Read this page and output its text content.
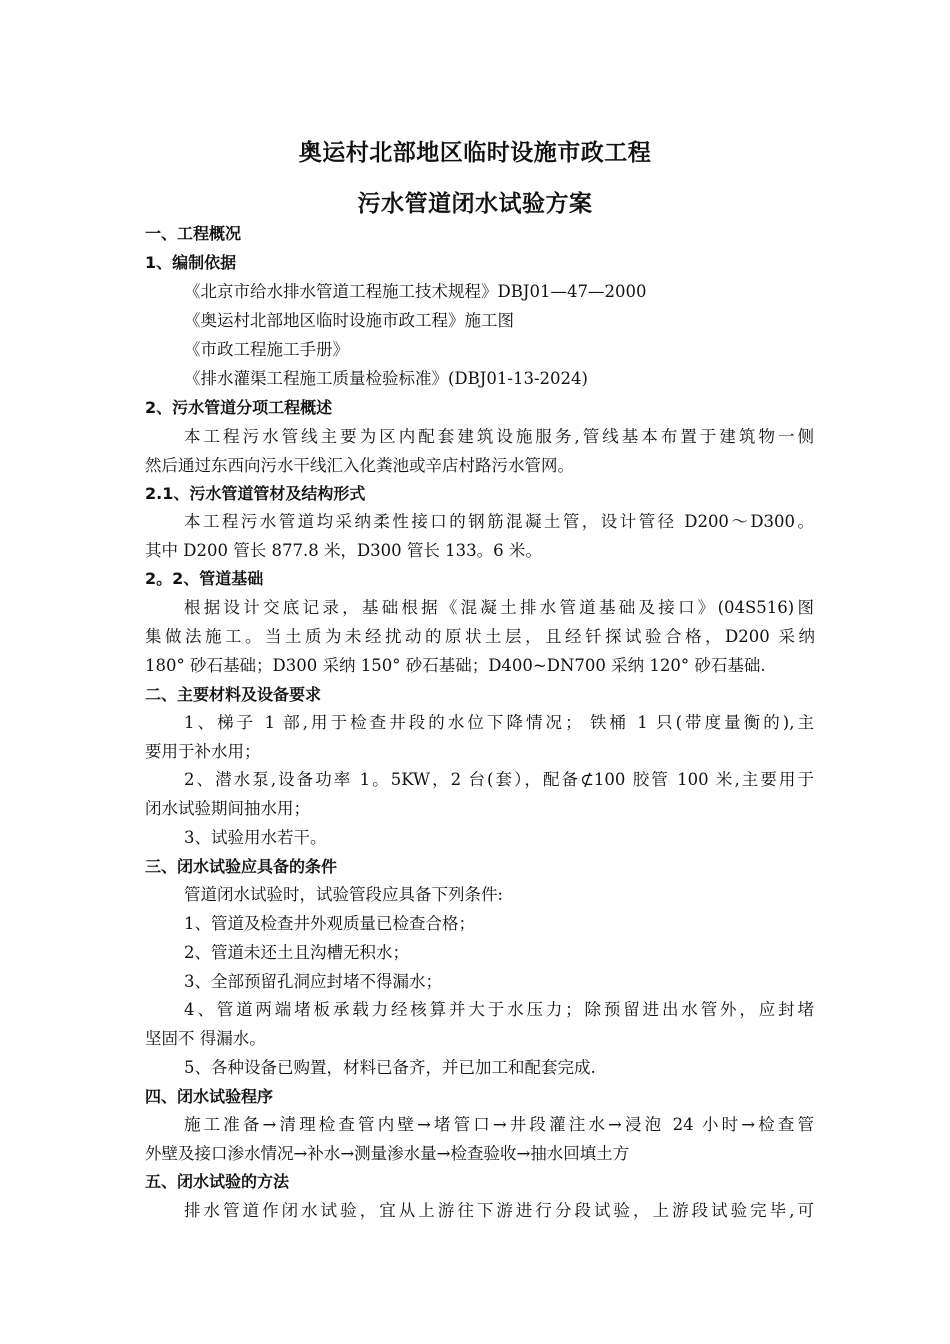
奥运村北部地区临时设施市政工程
污水管道闭水试验方案
一、工程概况
1、编制依据
《北京市给水排水管道工程施工技术规程》DBJ01—47—2000
《奥运村北部地区临时设施市政工程》施工图
《市政工程施工手册》
《排水灌渠工程施工质量检验标准》(DBJ01-13-2024)
2、污水管道分项工程概述
本工程污水管线主要为区内配套建筑设施服务,管线基本布置于建筑物一侧
然后通过东西向污水干线汇入化粪池或辛店村路污水管网。
2.1、污水管道管材及结构形式
本工程污水管道均采纳柔性接口的钢筋混凝土管，设计管径 D200～D300。
其中 D200 管长 877.8 米，D300 管长 133。6 米。
2。2、管道基础
根据设计交底记录，基础根据《混凝土排水管道基础及接口》(04S516)图
集做法施工。当土质为未经扰动的原状土层，且经钎探试验合格，D200 采纳
180° 砂石基础；D300 采纳 150° 砂石基础；D400~DN700 采纳 120° 砂石基础.
二、主要材料及设备要求
1、梯子 1 部,用于检查井段的水位下降情况； 铁桶 1 只(带度量衡的),主
要用于补水用；
2、潜水泵,设备功率 1。5KW，2 台(套），配备⊄100 胶管 100 米,主要用于
闭水试验期间抽水用；
3、试验用水若干。
三、闭水试验应具备的条件
管道闭水试验时，试验管段应具备下列条件:
1、管道及检查井外观质量已检查合格；
2、管道未还土且沟槽无积水；
3、全部预留孔洞应封堵不得漏水；
4、管道两端堵板承载力经核算并大于水压力；除预留进出水管外，应封堵
坚固不 得漏水。
5、各种设备已购置，材料已备齐，并已加工和配套完成.
四、闭水试验程序
施工准备→清理检查管内壁→堵管口→井段灌注水→浸泡 24 小时→检查管
外壁及接口渗水情况→补水→测量渗水量→检查验收→抽水回填土方
五、闭水试验的方法
排水管道作闭水试验，宜从上游往下游进行分段试验，上游段试验完毕,可
